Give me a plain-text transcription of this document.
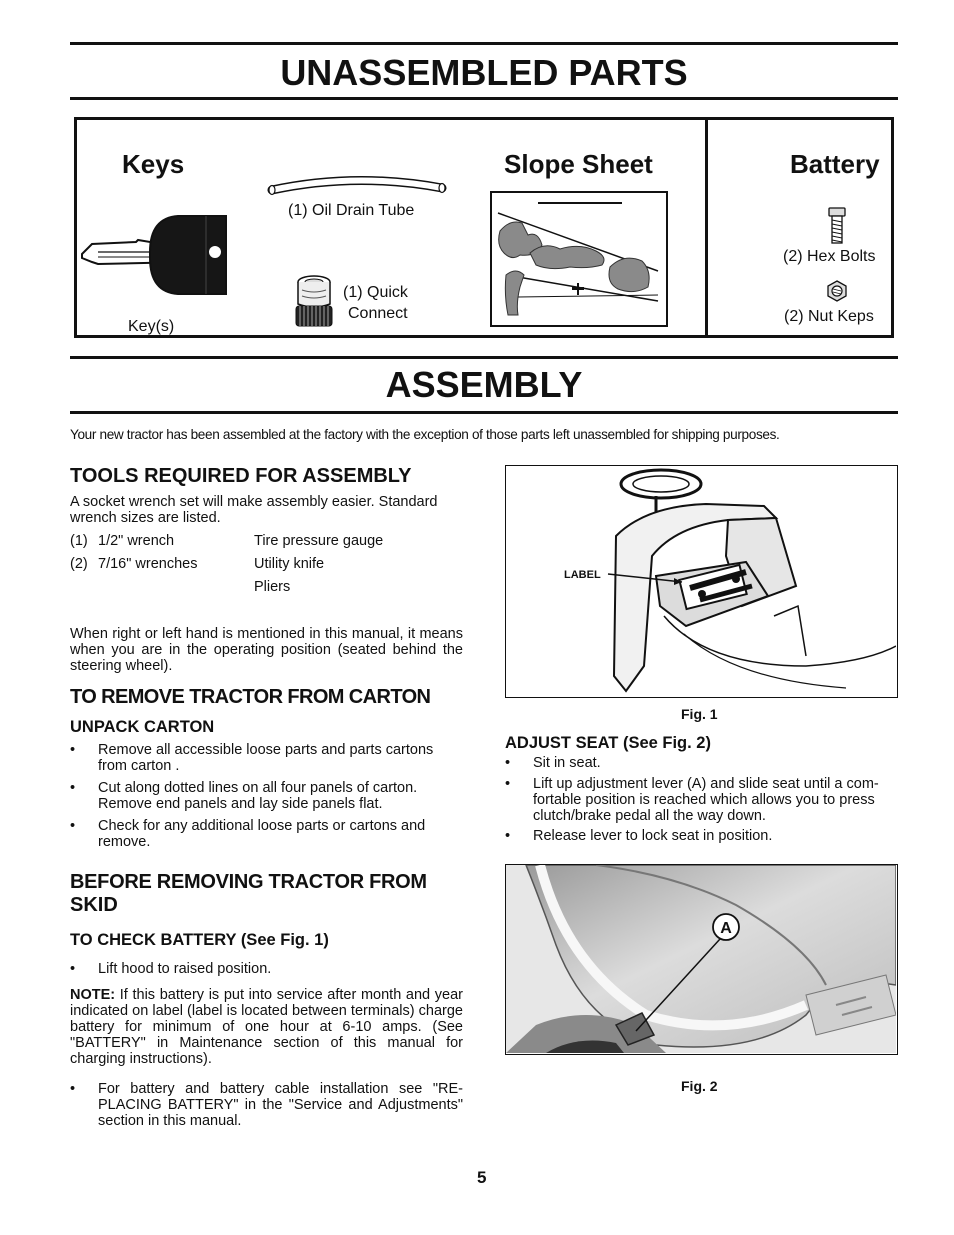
UNASSEMBLED PARTS
Keys
Key(s)
(1) Oil Drain Tube
(1) Quick
Connect
Slope Sheet	Battery
(2) Hex Bolts
(2) Nut Keps
ASSEMBLY
Your new tractor has been assembled at the factory with the exception of those parts left unassembled for shipping purposes.
TOOLS REQUIRED FOR ASSEMBLY
A socket wrench set will make assembly easier. Standard
wrench sizes are listed.
(1) 1/2" wrench	Tire pressure gauge
(2) 7/16" wrenches	Utility knife
Pliers
When right or left hand is mentioned in this manual, it means when you are in the operating position (seated behind the steering wheel).
TO REMOVE TRACTOR FROM CARTON
UNPACK CARTON
• Remove all accessible loose parts and parts cartons from carton .
• Cut along dotted lines on all four panels of carton. Remove end panels and lay side panels flat.
• Check for any additional loose parts or cartons and remove.
BEFORE REMOVING TRACTOR FROM
SKID
TO CHECK BATTERY (See Fig. 1)
• Lift hood to raised position.
NOTE: If this battery is put into service after month and year indicated on label (label is located between terminals) charge battery for minimum of one hour at 6-10 amps. (See "BATTERY" in Maintenance section of this manual for charging instructions).
• For battery and battery cable installation see "RE-PLACING BATTERY" in the "Service and Adjustments" section in this manual.
LABEL
Fig. 1
ADJUST SEAT (See Fig. 2)
• Sit in seat.
• Lift up adjustment lever (A) and slide seat until a com-fortable position is reached which allows you to press clutch/brake pedal all the way down.
• Release lever to lock seat in position.
A
Fig. 2
5
